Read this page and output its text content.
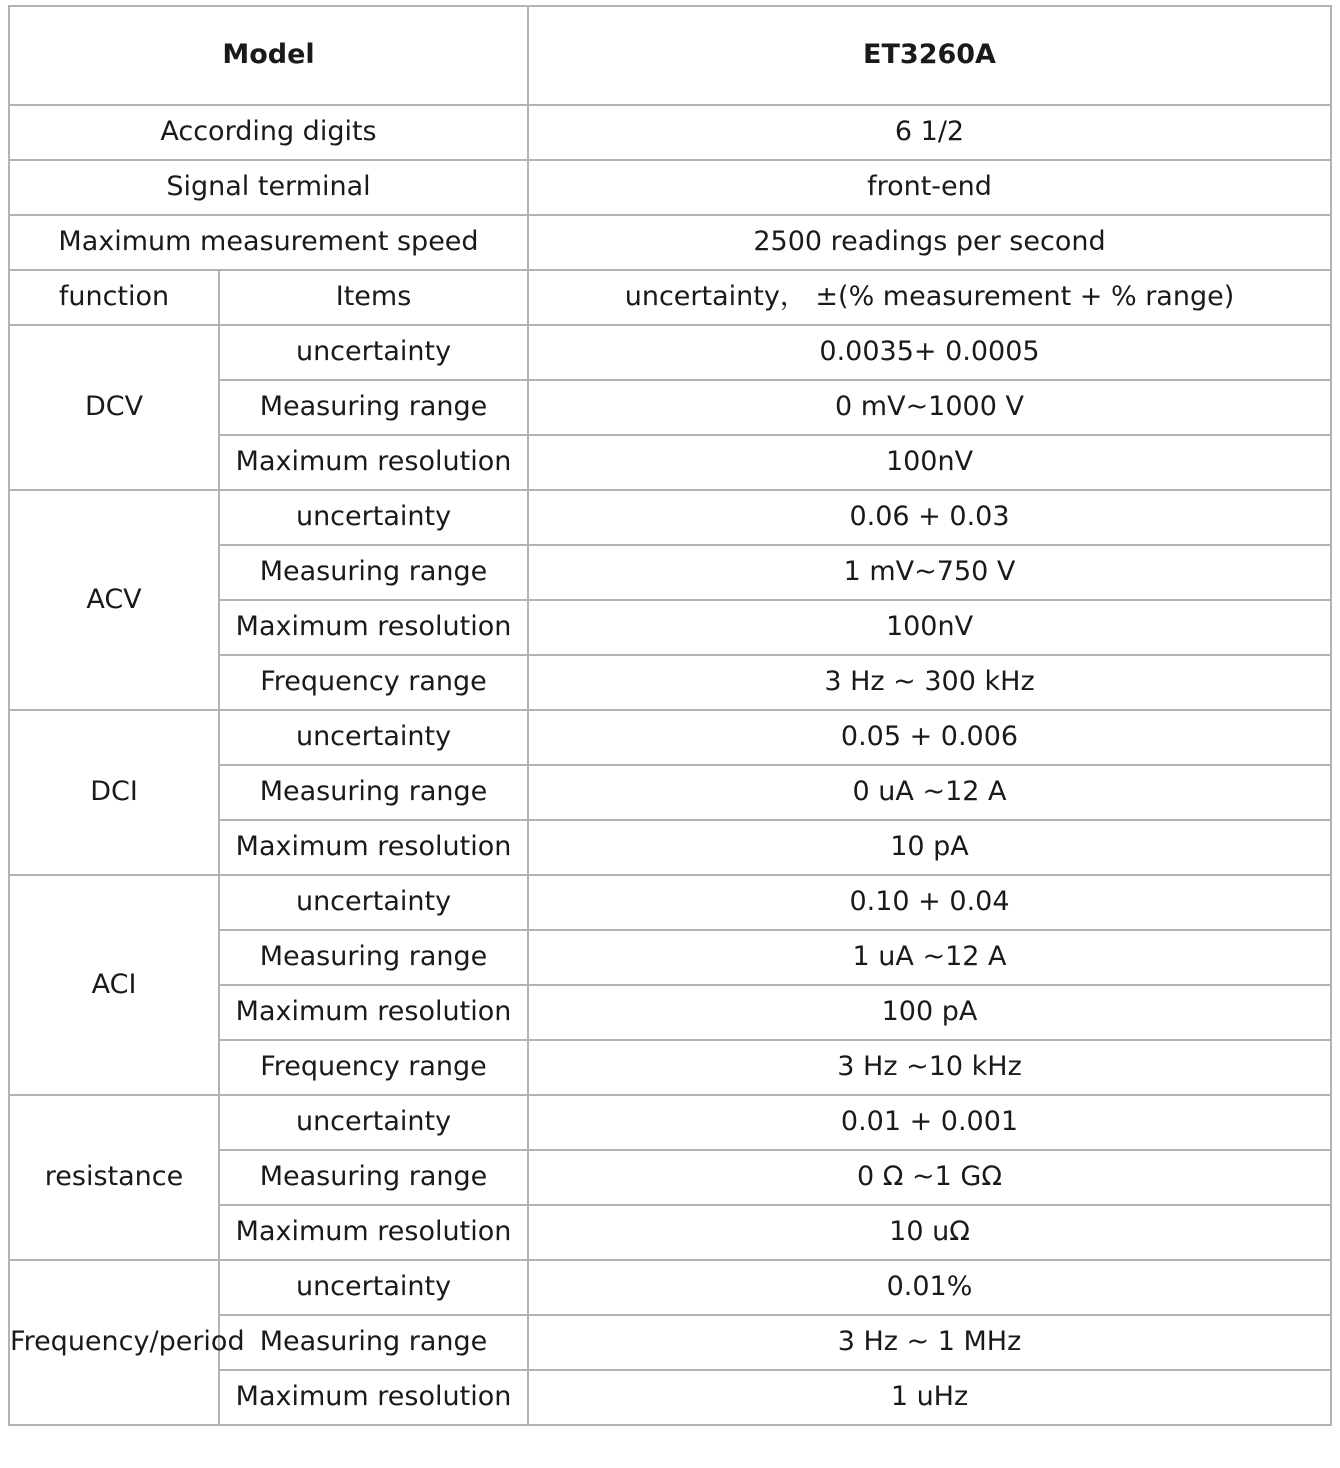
Model		ET3260A
According digits		6 1/2
Signal terminal		front-end
Maximum measurement speed		2500 readings per second
function	Items	uncertainty， ±(% measurement + % range)
DCV	uncertainty	0.0035+ 0.0005
	Measuring range	0 mV~1000 V
	Maximum resolution	100nV
ACV	uncertainty	0.06 + 0.03
	Measuring range	1 mV~750 V
	Maximum resolution	100nV
	Frequency range	3 Hz ~ 300 kHz
DCI	uncertainty	0.05 + 0.006
	Measuring range	0 uA ~12 A
	Maximum resolution	10 pA
ACI	uncertainty	0.10 + 0.04
	Measuring range	1 uA ~12 A
	Maximum resolution	100 pA
	Frequency range	3 Hz ~10 kHz
resistance	uncertainty	0.01 + 0.001
	Measuring range	0 Ω ~1 GΩ
	Maximum resolution	10 uΩ
Frequency/period	uncertainty	0.01%
	Measuring range	3 Hz ~ 1 MHz
	Maximum resolution	1 uHz
